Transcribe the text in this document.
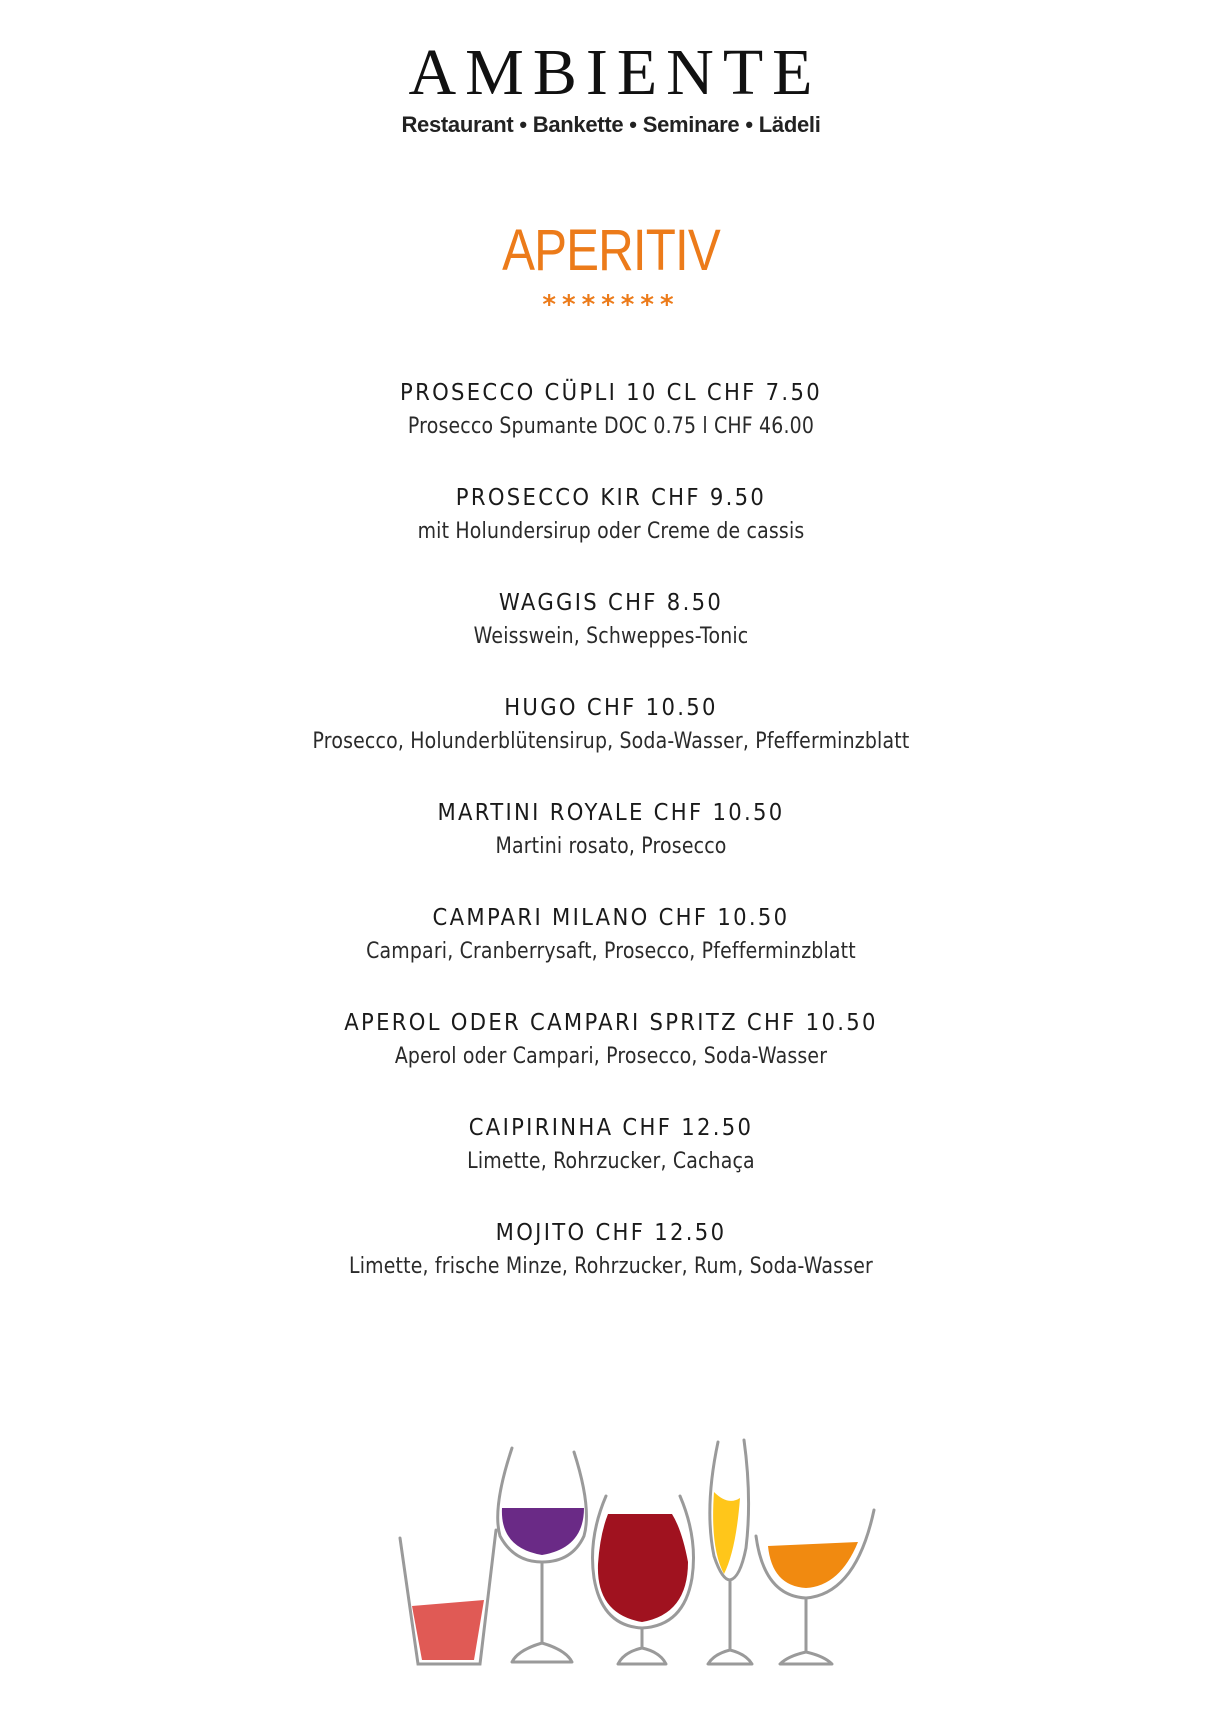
AMBIENTE
Restaurant • Bankette • Seminare • Lädeli
APERITIV
*******
PROSECCO CÜPLI 10 CL CHF 7.50
Prosecco Spumante DOC 0.75 l CHF 46.00
PROSECCO KIR CHF 9.50
mit Holundersirup oder Creme de cassis
WAGGIS CHF 8.50
Weisswein, Schweppes-Tonic
HUGO CHF 10.50
Prosecco, Holunderblütensirup, Soda-Wasser, Pfefferminzblatt
MARTINI ROYALE CHF 10.50
Martini rosato, Prosecco
CAMPARI MILANO CHF 10.50
Campari, Cranberrysaft, Prosecco, Pfefferminzblatt
APEROL ODER CAMPARI SPRITZ CHF 10.50
Aperol oder Campari, Prosecco, Soda-Wasser
CAIPIRINHA CHF 12.50
Limette, Rohrzucker, Cachaça
MOJITO CHF 12.50
Limette, frische Minze, Rohrzucker, Rum, Soda-Wasser
